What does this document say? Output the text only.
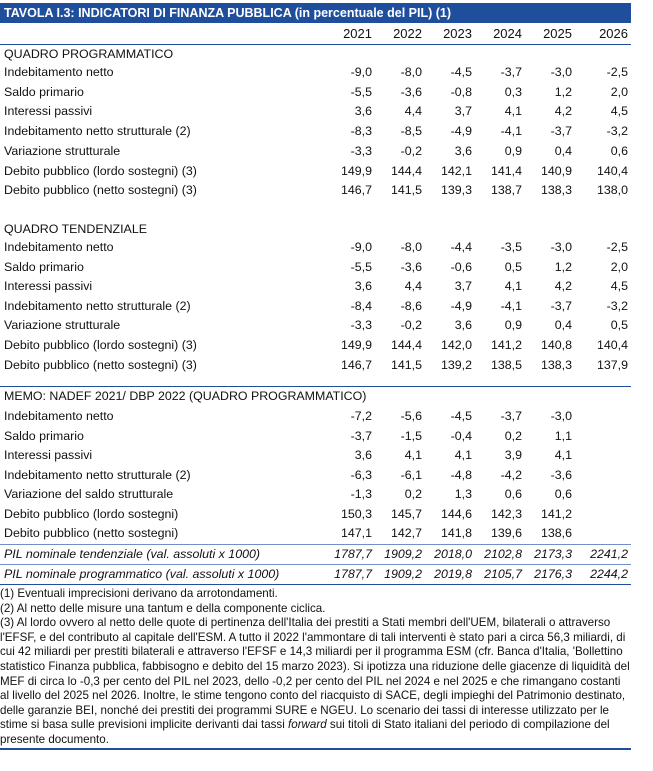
TAVOLA I.3: INDICATORI DI FINANZA PUBBLICA (in percentuale del PIL) (1)
2021	2022	2023	2024	2025	2026
QUADRO PROGRAMMATICO
Indebitamento netto	-9,0	-8,0	-4,5	-3,7	-3,0	-2,5
Saldo primario	-5,5	-3,6	-0,8	0,3	1,2	2,0
Interessi passivi	3,6	4,4	3,7	4,1	4,2	4,5
Indebitamento netto strutturale (2)	-8,3	-8,5	-4,9	-4,1	-3,7	-3,2
Variazione strutturale	-3,3	-0,2	3,6	0,9	0,4	0,6
Debito pubblico (lordo sostegni) (3)	149,9	144,4	142,1	141,4	140,9	140,4
Debito pubblico (netto sostegni) (3)	146,7	141,5	139,3	138,7	138,3	138,0
QUADRO TENDENZIALE
Indebitamento netto	-9,0	-8,0	-4,4	-3,5	-3,0	-2,5
Saldo primario	-5,5	-3,6	-0,6	0,5	1,2	2,0
Interessi passivi	3,6	4,4	3,7	4,1	4,2	4,5
Indebitamento netto strutturale (2)	-8,4	-8,6	-4,9	-4,1	-3,7	-3,2
Variazione strutturale	-3,3	-0,2	3,6	0,9	0,4	0,5
Debito pubblico (lordo sostegni) (3)	149,9	144,4	142,0	141,2	140,8	140,4
Debito pubblico (netto sostegni) (3)	146,7	141,5	139,2	138,5	138,3	137,9
MEMO: NADEF 2021/ DBP 2022 (QUADRO PROGRAMMATICO)
Indebitamento netto	-7,2	-5,6	-4,5	-3,7	-3,0
Saldo primario	-3,7	-1,5	-0,4	0,2	1,1
Interessi passivi	3,6	4,1	4,1	3,9	4,1
Indebitamento netto strutturale (2)	-6,3	-6,1	-4,8	-4,2	-3,6
Variazione del saldo strutturale	-1,3	0,2	1,3	0,6	0,6
Debito pubblico (lordo sostegni)	150,3	145,7	144,6	142,3	141,2
Debito pubblico (netto sostegni)	147,1	142,7	141,8	139,6	138,6
PIL nominale tendenziale (val. assoluti x 1000)	1787,7 1909,2 2018,0 2102,8 2173,3	2241,2
PIL nominale programmatico (val. assoluti x 1000)	1787,7 1909,2 2019,8 2105,7 2176,3	2244,2

(1) Eventuali imprecisioni derivano da arrotondamenti.

(2) Al netto delle misure una tantum e della componente ciclica.

(3) Al lordo ovvero al netto delle quote di pertinenza dell'Italia dei prestiti a Stati membri dell'UEM, bilaterali o attraverso l'EFSF, e del contributo al capitale dell'ESM. A tutto il 2022 l'ammontare di tali interventi è stato pari a circa 56,3 miliardi, di cui 42 miliardi per prestiti bilaterali e attraverso l'EFSF e 14,3 miliardi per il programma ESM (cfr. Banca d'Italia, 'Bollettino statistico Finanza pubblica, fabbisogno e debito del 15 marzo 2023). Si ipotizza una riduzione delle giacenze di liquidità del MEF di circa lo -0,3 per cento del PIL nel 2023, dello -0,2 per cento del PIL nel 2024 e nel 2025 e che rimangano costanti al livello del 2025 nel 2026. Inoltre, le stime tengono conto del riacquisto di SACE, degli impieghi del Patrimonio destinato, delle garanzie BEI, nonché dei prestiti dei programmi SURE e NGEU. Lo scenario dei tassi di interesse utilizzato per le stime si basa sulle previsioni implicite derivanti dai tassi forward sui titoli di Stato italiani del periodo di compilazione del presente documento.
